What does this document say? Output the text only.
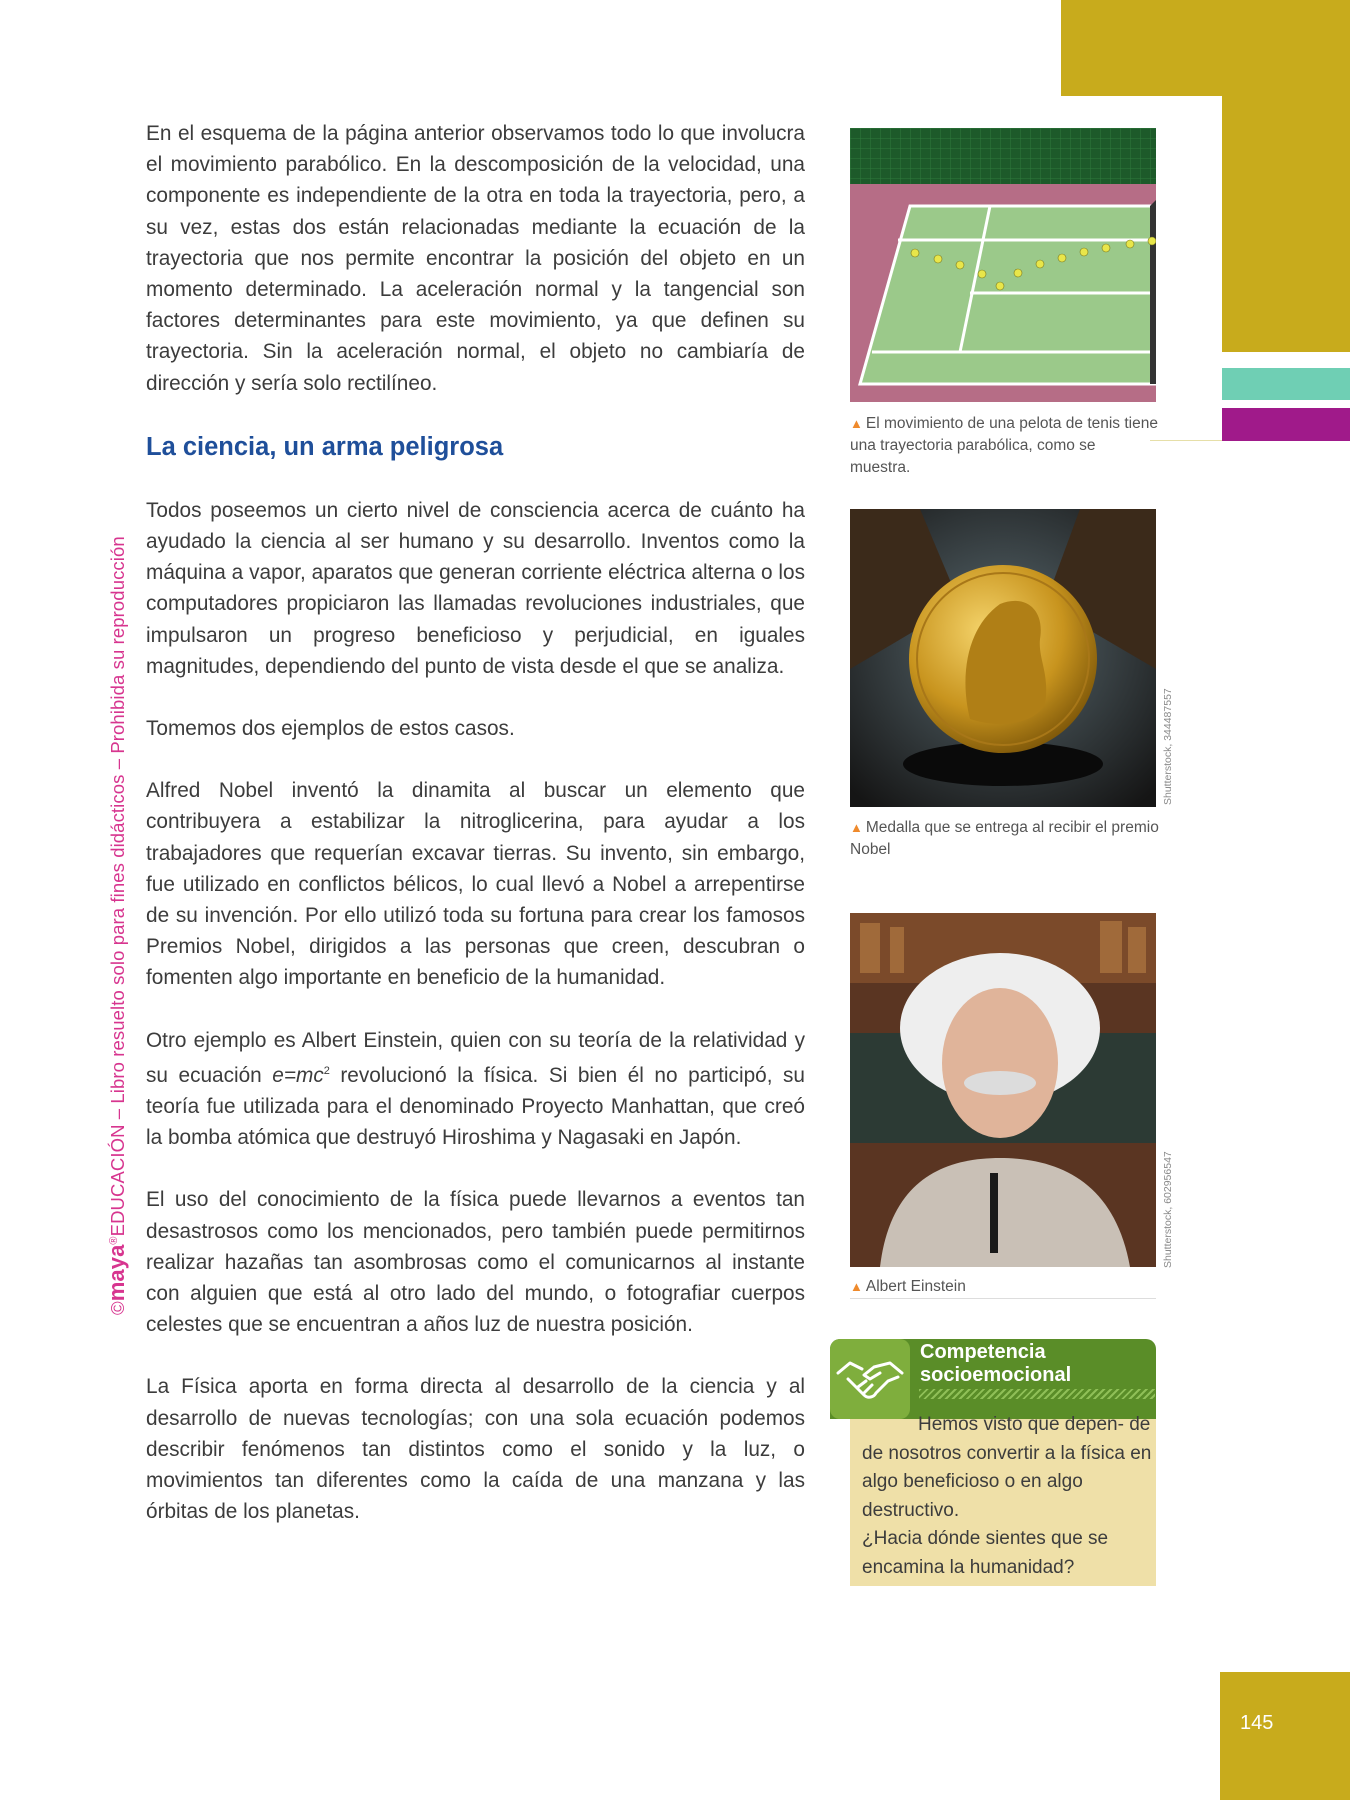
©maya®EDUCACIÓN – Libro resuelto solo para fines didácticos – Prohibida su reproducción

En el esquema de la página anterior observamos todo lo que involucra el movimiento parabólico. En la descomposición de la velocidad, una componente es independiente de la otra en toda la trayectoria, pero, a su vez, estas dos están relacionadas mediante la ecuación de la trayectoria que nos permite encontrar la posición del objeto en un momento determinado. La aceleración normal y la tangencial son factores determinantes para este movimiento, ya que definen su trayectoria. Sin la aceleración normal, el objeto no cambiaría de dirección y sería solo rectilíneo.

La ciencia, un arma peligrosa

Todos poseemos un cierto nivel de consciencia acerca de cuánto ha ayudado la ciencia al ser humano y su desarrollo. Inventos como la máquina a vapor, aparatos que generan corriente eléctrica alterna o los computadores propiciaron las llamadas revoluciones industriales, que impulsaron un progreso beneficioso y perjudicial, en iguales magnitudes, dependiendo del punto de vista desde el que se analiza.

Tomemos dos ejemplos de estos casos.

Alfred Nobel inventó la dinamita al buscar un elemento que contribuyera a estabilizar la nitroglicerina, para ayudar a los trabajadores que requerían excavar tierras. Su invento, sin embargo, fue utilizado en conflictos bélicos, lo cual llevó a Nobel a arrepentirse de su invención. Por ello utilizó toda su fortuna para crear los famosos Premios Nobel, dirigidos a las personas que creen, descubran o fomenten algo importante en beneficio de la humanidad.

Otro ejemplo es Albert Einstein, quien con su teoría de la relatividad y su ecuación $e=mc^2$ revolucionó la física. Si bien él no participó, su teoría fue utilizada para el denominado Proyecto Manhattan, que creó la bomba atómica que destruyó Hiroshima y Nagasaki en Japón.

El uso del conocimiento de la física puede llevarnos a eventos tan desastrosos como los mencionados, pero también puede permitirnos realizar hazañas tan asombrosas como el comunicarnos al instante con alguien que está al otro lado del mundo, o fotografiar cuerpos celestes que se encuentran a años luz de nuestra posición.

La Física aporta en forma directa al desarrollo de la ciencia y al desarrollo de nuevas tecnologías; con una sola ecuación podemos describir fenómenos tan distintos como el sonido y la luz, o movimientos tan diferentes como la caída de una manzana y las órbitas de los planetas.

▲ El movimiento de una pelota de tenis tiene una trayectoria parabólica, como se muestra.
Shutterstock, 344487557
▲ Medalla que se entrega al recibir el premio Nobel
Shutterstock, 602956547
▲ Albert Einstein
Competencia
socioemocional
Hemos visto que depen- de de nosotros convertir a la física en algo beneficioso o en algo destructivo.
¿Hacia dónde sientes que se encamina la humanidad?
145
